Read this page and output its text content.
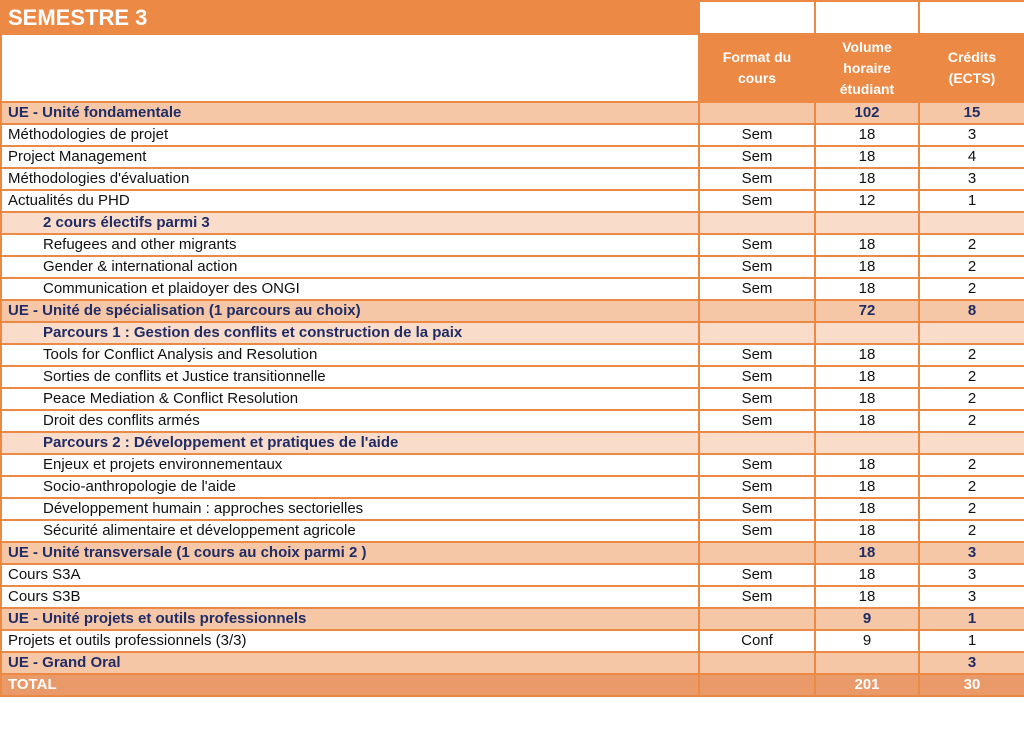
SEMESTRE 3			
	Format du cours	Volume horaire étudiant	Crédits (ECTS)
UE - Unité fondamentale		102	15
Méthodologies de projet	Sem	18	3
Project Management	Sem	18	4
Méthodologies d'évaluation	Sem	18	3
Actualités du PHD	Sem	12	1
2 cours électifs parmi 3			
Refugees and other migrants	Sem	18	2
Gender & international action	Sem	18	2
Communication et plaidoyer des ONGI	Sem	18	2
UE - Unité de spécialisation (1 parcours au choix)		72	8
Parcours 1 : Gestion des conflits et construction de la paix			
Tools for Conflict Analysis and Resolution	Sem	18	2
Sorties de conflits et Justice transitionnelle	Sem	18	2
Peace Mediation & Conflict Resolution	Sem	18	2
Droit des conflits armés	Sem	18	2
Parcours 2 : Développement et pratiques de l'aide			
Enjeux et projets environnementaux	Sem	18	2
Socio-anthropologie de l'aide	Sem	18	2
Développement humain : approches sectorielles	Sem	18	2
Sécurité alimentaire et développement agricole	Sem	18	2
UE - Unité transversale (1 cours au choix parmi 2 )		18	3
Cours S3A	Sem	18	3
Cours S3B	Sem	18	3
UE - Unité projets et outils professionnels		9	1
Projets et outils professionnels (3/3)	Conf	9	1
UE - Grand Oral			3
TOTAL		201	30
